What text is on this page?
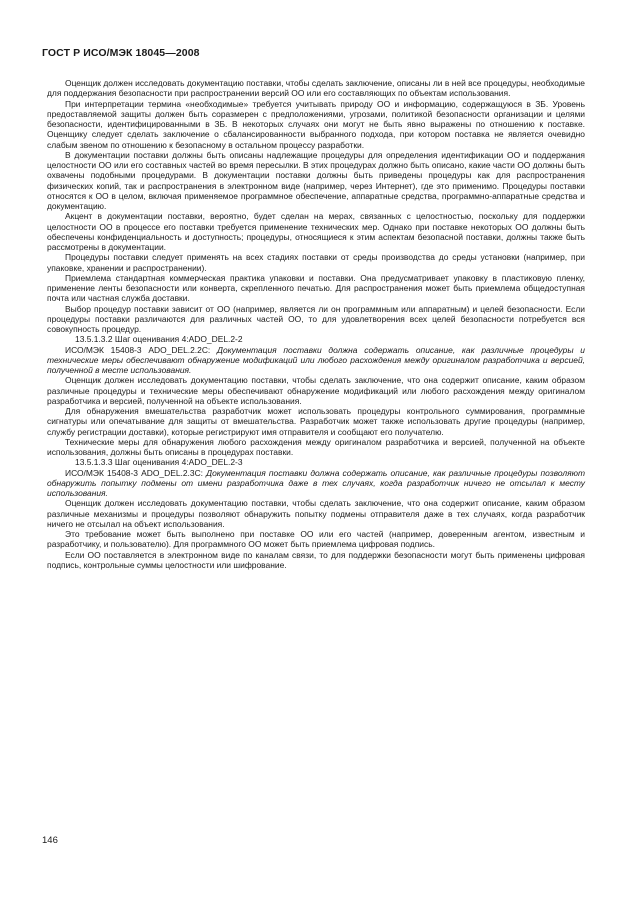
ГОСТ Р ИСО/МЭК 18045—2008

Оценщик должен исследовать документацию поставки, чтобы сделать заключение, описаны ли в ней все процедуры, необходимые для поддержания безопасности при распространении версий ОО или его составляющих по объектам использования.

При интерпретации термина «необходимые» требуется учитывать природу ОО и информацию, содержащуюся в ЗБ. Уровень предоставляемой защиты должен быть соразмерен с предположениями, угрозами, политикой безопасности организации и целями безопасности, идентифицированными в ЗБ. В некоторых случаях они могут не быть явно выражены по отношению к поставке. Оценщику следует сделать заключение о сбалансированности выбранного подхода, при котором поставка не является очевидно слабым звеном по отношению к безопасному в остальном процессу разработки.

В документации поставки должны быть описаны надлежащие процедуры для определения идентификации ОО и поддержания целостности ОО или его составных частей во время пересылки. В этих процедурах должно быть описано, какие части ОО должны быть охвачены подобными процедурами. В документации поставки должны быть приведены процедуры как для распространения физических копий, так и распространения в электронном виде (например, через Интернет), где это применимо. Процедуры поставки относятся к ОО в целом, включая применяемое программное обеспечение, аппаратные средства, программно-аппаратные средства и документацию.

Акцент в документации поставки, вероятно, будет сделан на мерах, связанных с целостностью, поскольку для поддержки целостности ОО в процессе его поставки требуется применение технических мер. Однако при поставке некоторых ОО должны быть обеспечены конфиденциальность и доступность; процедуры, относящиеся к этим аспектам безопасной поставки, должны также быть рассмотрены в документации.

Процедуры поставки следует применять на всех стадиях поставки от среды производства до среды установки (например, при упаковке, хранении и распространении).

Приемлема стандартная коммерческая практика упаковки и поставки. Она предусматривает упаковку в пластиковую пленку, применение ленты безопасности или конверта, скрепленного печатью. Для распространения может быть приемлема общедоступная почта или частная служба доставки.

Выбор процедур поставки зависит от ОО (например, является ли он программным или аппаратным) и целей безопасности. Если процедуры поставки различаются для различных частей ОО, то для удовлетворения всех целей безопасности потребуется вся совокупность процедур.

13.5.1.3.2 Шаг оценивания 4:ADO_DEL.2-2

ИСО/МЭК 15408-3 ADO_DEL.2.2C: Документация поставки должна содержать описание, как различные процедуры и технические меры обеспечивают обнаружение модификаций или любого расхождения между оригиналом разработчика и версией, полученной в месте использования.

Оценщик должен исследовать документацию поставки, чтобы сделать заключение, что она содержит описание, каким образом различные процедуры и технические меры обеспечивают обнаружение модификаций или любого расхождения между оригиналом разработчика и версией, полученной на объекте использования.

Для обнаружения вмешательства разработчик может использовать процедуры контрольного суммирования, программные сигнатуры или опечатывание для защиты от вмешательства. Разработчик может также использовать другие процедуры (например, службу регистрации доставки), которые регистрируют имя отправителя и сообщают его получателю.

Технические меры для обнаружения любого расхождения между оригиналом разработчика и версией, полученной на объекте использования, должны быть описаны в процедурах поставки.

13.5.1.3.3 Шаг оценивания 4:ADO_DEL.2-3

ИСО/МЭК 15408-3 ADO_DEL.2.3C: Документация поставки должна содержать описание, как различные процедуры позволяют обнаружить попытку подмены от имени разработчика даже в тех случаях, когда разработчик ничего не отсылал к месту использования.

Оценщик должен исследовать документацию поставки, чтобы сделать заключение, что она содержит описание, каким образом различные механизмы и процедуры позволяют обнаружить попытку подмены отправителя даже в тех случаях, когда разработчик ничего не отсылал на объект использования.

Это требование может быть выполнено при поставке ОО или его частей (например, доверенным агентом, известным и разработчику, и пользователю). Для программного ОО может быть приемлема цифровая подпись.

Если ОО поставляется в электронном виде по каналам связи, то для поддержки безопасности могут быть применены цифровая подпись, контрольные суммы целостности или шифрование.

146
